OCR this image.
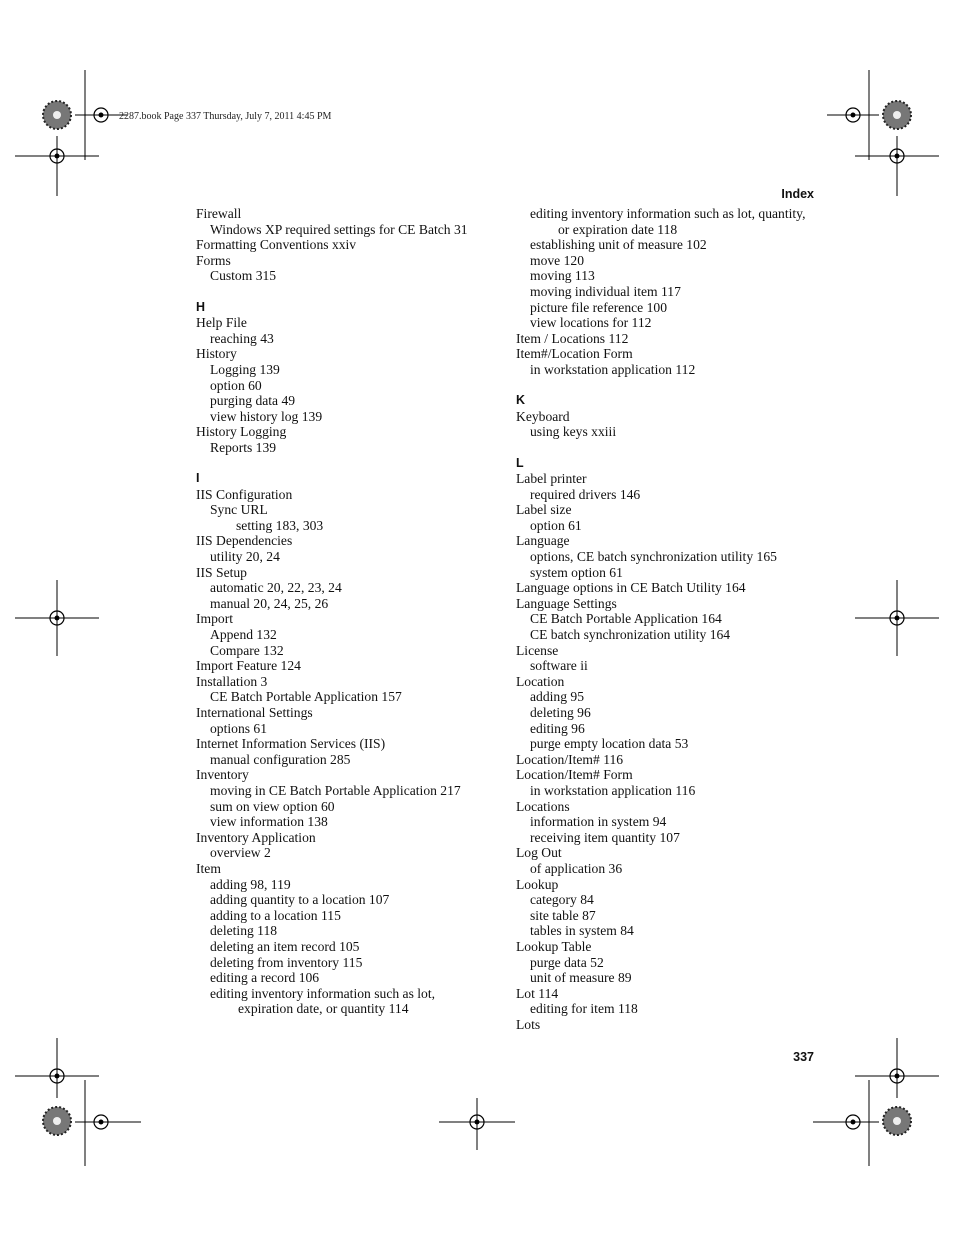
2287.book Page 337 Thursday, July 7, 2011 4:45 PM
Index
Firewall
Windows XP required settings for CE Batch 31
Formatting Conventions xxiv
Forms
Custom 315
H
Help File
reaching 43
History
Logging 139
option 60
purging data 49
view history log 139
History Logging
Reports 139
I
IIS Configuration
Sync URL
setting 183, 303
IIS Dependencies
utility 20, 24
IIS Setup
automatic 20, 22, 23, 24
manual 20, 24, 25, 26
Import
Append 132
Compare 132
Import Feature 124
Installation 3
CE Batch Portable Application 157
International Settings
options 61
Internet Information Services (IIS)
manual configuration 285
Inventory
moving in CE Batch Portable Application 217
sum on view option 60
view information 138
Inventory Application
overview 2
Item
adding 98, 119
adding quantity to a location 107
adding to a location 115
deleting 118
deleting an item record 105
deleting from inventory 115
editing a record 106
editing inventory information such as lot,
expiration date, or quantity 114
editing inventory information such as lot, quantity,
or expiration date 118
establishing unit of measure 102
move 120
moving 113
moving individual item 117
picture file reference 100
view locations for 112
Item / Locations 112
Item#/Location Form
in workstation application 112
K
Keyboard
using keys xxiii
L
Label printer
required drivers 146
Label size
option 61
Language
options, CE batch synchronization utility 165
system option 61
Language options in CE Batch Utility 164
Language Settings
CE Batch Portable Application 164
CE batch synchronization utility 164
License
software ii
Location
adding 95
deleting 96
editing 96
purge empty location data 53
Location/Item# 116
Location/Item# Form
in workstation application 116
Locations
information in system 94
receiving item quantity 107
Log Out
of application 36
Lookup
category 84
site table 87
tables in system 84
Lookup Table
purge data 52
unit of measure 89
Lot 114
editing for item 118
Lots
337
